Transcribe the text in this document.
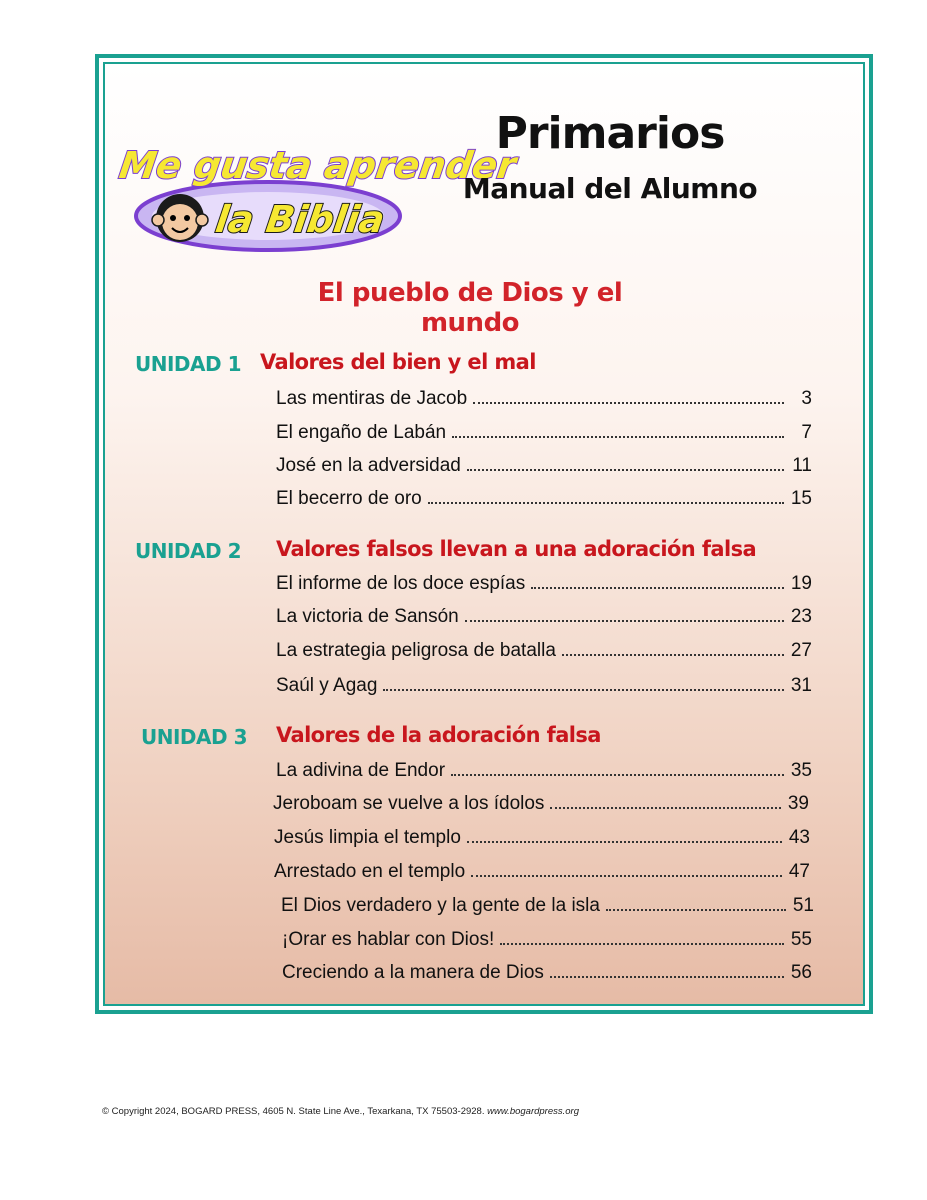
Me gusta aprender
la Biblia
Primarios
Manual del Alumno
El pueblo de Dios y el mundo
UNIDAD 1 Valores del bien y el mal
Las mentiras de Jacob	3
El engaño de Labán	7
José en la adversidad	11
El becerro de oro	15
UNIDAD 2 Valores falsos llevan a una adoración falsa
El informe de los doce espías	19
La victoria de Sansón	23
La estrategia peligrosa de batalla	27
Saúl y Agag	31
UNIDAD 3 Valores de la adoración falsa
La adivina de Endor	35
Jeroboam se vuelve a los ídolos	39
Jesús limpia el templo	43
Arrestado en el templo	47
El Dios verdadero y la gente de la isla	51
¡Orar es hablar con Dios!	55
Creciendo a la manera de Dios	56
© Copyright 2024, BOGARD PRESS, 4605 N. State Line Ave., Texarkana, TX 75503-2928. www.bogardpress.org
